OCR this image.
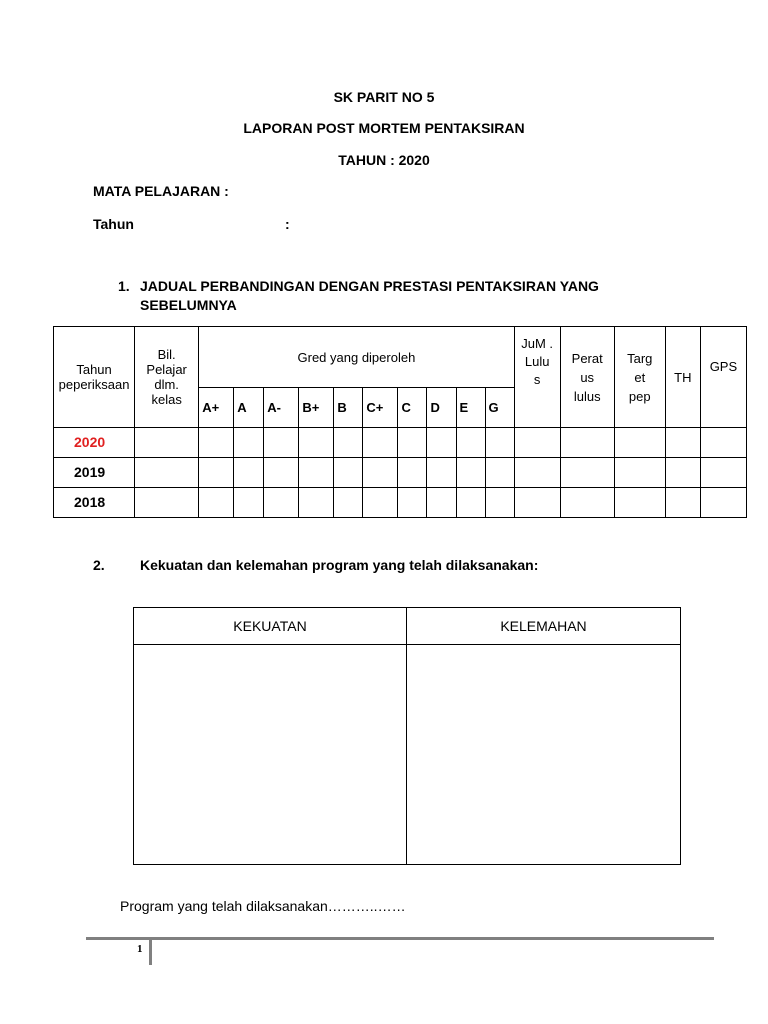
SK PARIT NO 5
LAPORAN POST MORTEM PENTAKSIRAN
TAHUN : 2020
MATA PELAJARAN :
Tahun	:
1. JADUAL PERBANDINGAN DENGAN PRESTASI PENTAKSIRAN YANG
SEBELUMNYA
Tahun peperiksaan	Bil. Pelajar dlm. kelas	Gred yang diperoleh										JuM . Lulu s	Perat us lulus	Targ et pep	TH	GPS
		A+	A	A-	B+	B	C+	C	D	E	G					
2020																
2019																
2018																
2.	Kekuatan dan kelemahan program yang telah dilaksanakan:
KEKUATAN	KELEMAHAN

Program yang telah dilaksanakan………..……
1
